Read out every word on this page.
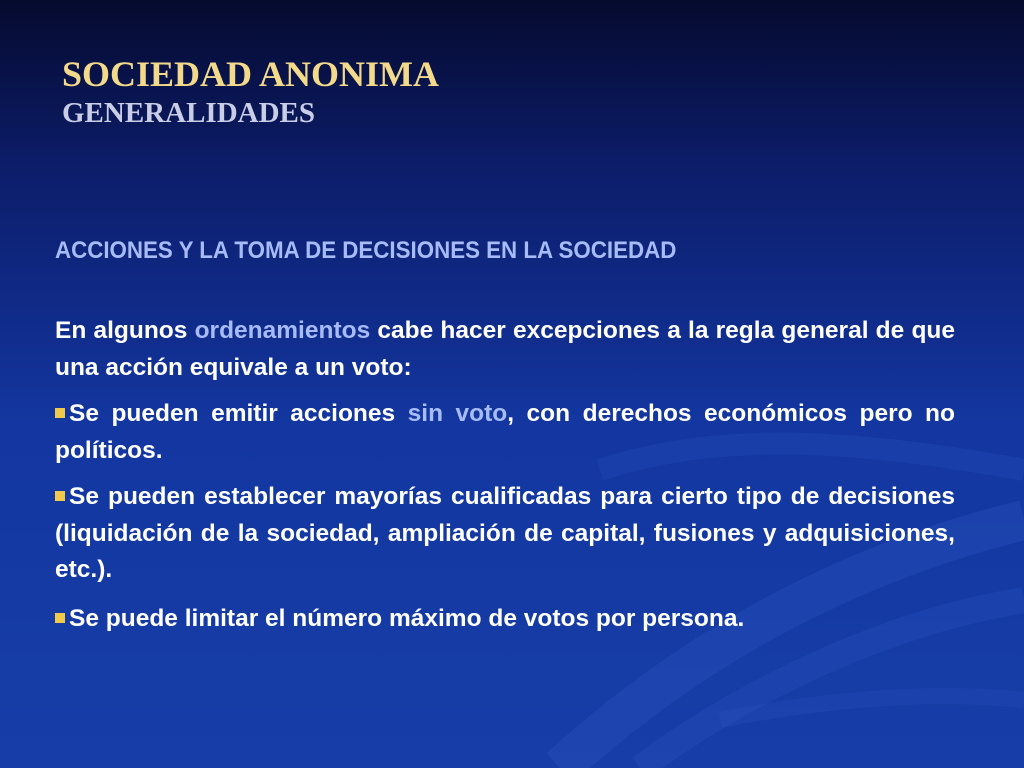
SOCIEDAD ANONIMA
GENERALIDADES

ACCIONES Y LA TOMA DE DECISIONES EN LA SOCIEDAD

En algunos ordenamientos cabe hacer excepciones a la regla general de que una acción equivale a un voto:

Se pueden emitir acciones sin voto, con derechos económicos pero no políticos.

Se pueden establecer mayorías cualificadas para cierto tipo de decisiones (liquidación de la sociedad, ampliación de capital, fusiones y adquisiciones, etc.).

Se puede limitar el número máximo de votos por persona.
